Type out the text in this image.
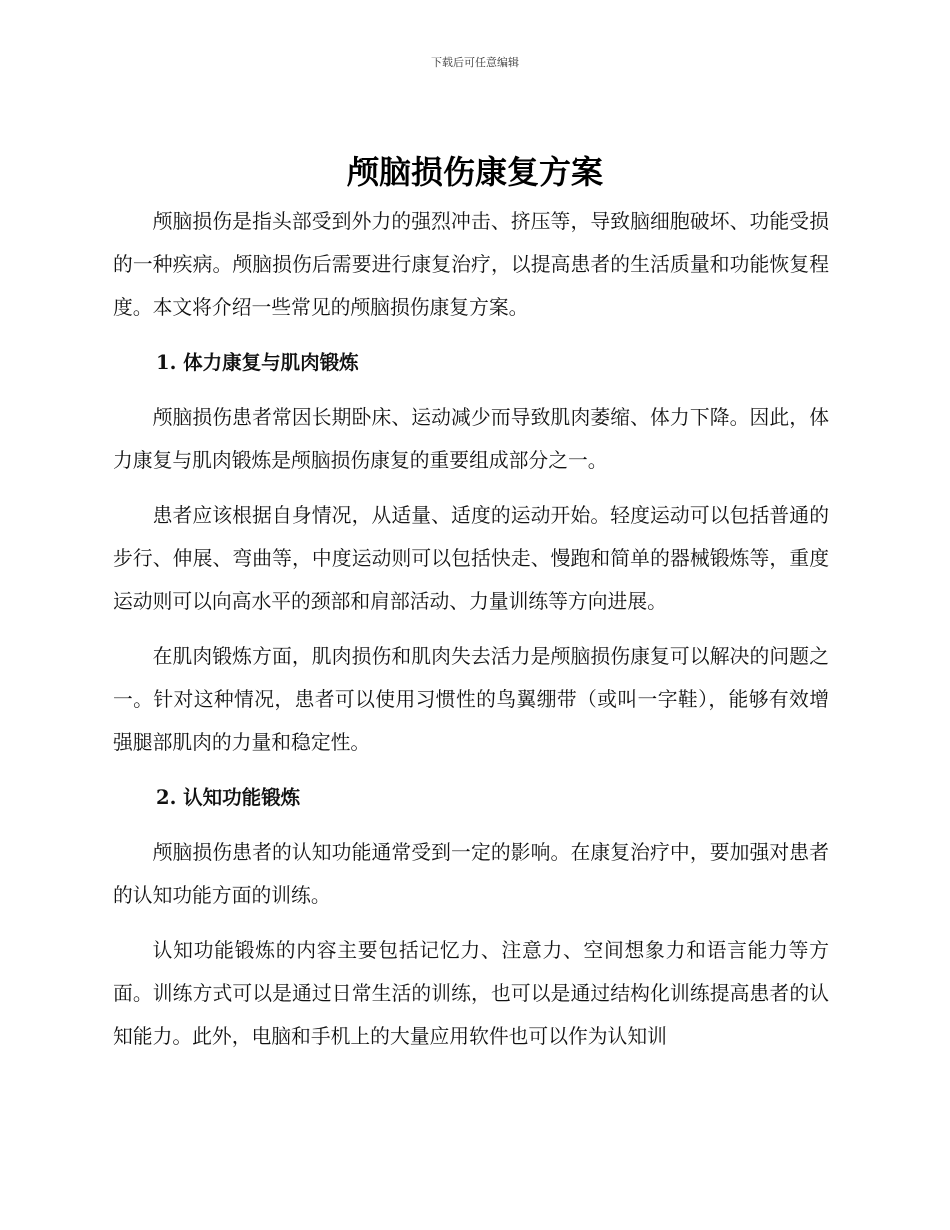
下载后可任意编辑
颅脑损伤康复方案

颅脑损伤是指头部受到外力的强烈冲击、挤压等，导致脑细胞破坏、功能受损的一种疾病。颅脑损伤后需要进行康复治疗，以提高患者的生活质量和功能恢复程度。本文将介绍一些常见的颅脑损伤康复方案。

1. 体力康复与肌肉锻炼

颅脑损伤患者常因长期卧床、运动减少而导致肌肉萎缩、体力下降。因此，体力康复与肌肉锻炼是颅脑损伤康复的重要组成部分之一。

患者应该根据自身情况，从适量、适度的运动开始。轻度运动可以包括普通的步行、伸展、弯曲等，中度运动则可以包括快走、慢跑和简单的器械锻炼等，重度运动则可以向高水平的颈部和肩部活动、力量训练等方向进展。

在肌肉锻炼方面，肌肉损伤和肌肉失去活力是颅脑损伤康复可以解决的问题之一。针对这种情况，患者可以使用习惯性的鸟翼绷带（或叫一字鞋），能够有效增强腿部肌肉的力量和稳定性。

2. 认知功能锻炼

颅脑损伤患者的认知功能通常受到一定的影响。在康复治疗中，要加强对患者的认知功能方面的训练。

认知功能锻炼的内容主要包括记忆力、注意力、空间想象力和语言能力等方面。训练方式可以是通过日常生活的训练，也可以是通过结构化训练提高患者的认知能力。此外，电脑和手机上的大量应用软件也可以作为认知训
